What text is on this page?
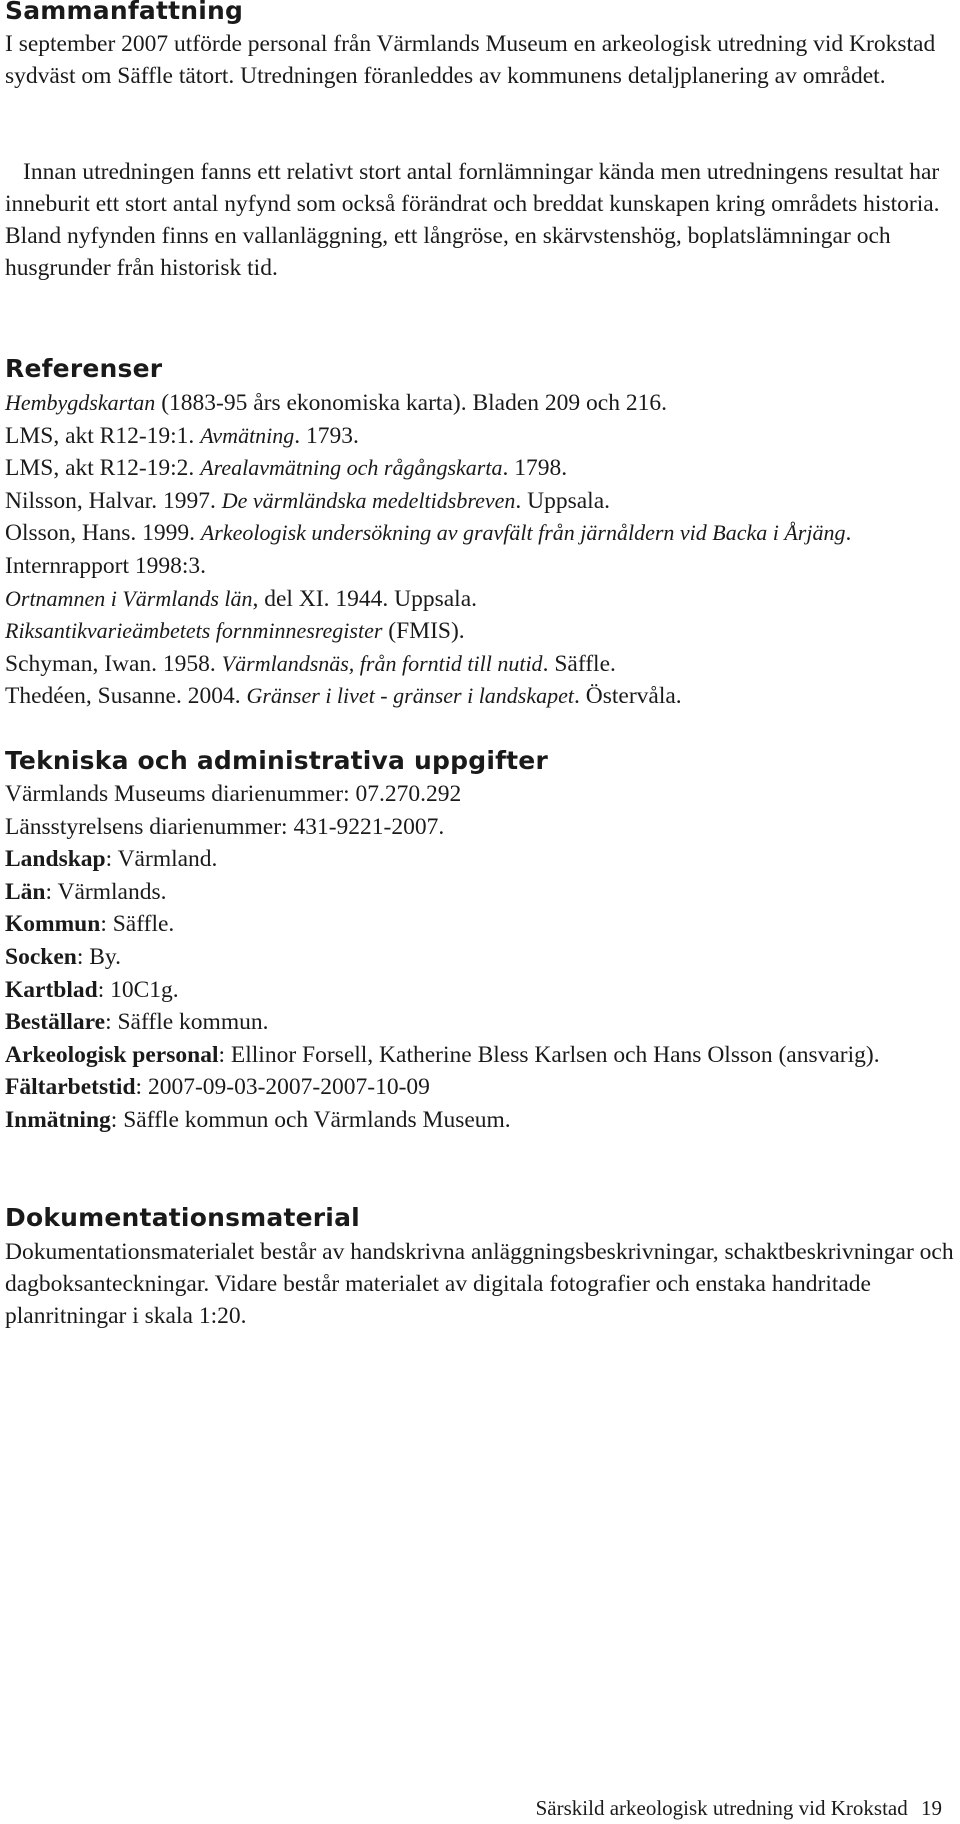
Sammanfattning

I september 2007 utförde personal från Värmlands Museum en arkeologisk utredning vid Krokstad sydväst om Säffle tätort. Utredningen föranleddes av kommunens detaljplanering av området.

Innan utredningen fanns ett relativt stort antal fornlämningar kända men utredningens resultat har inneburit ett stort antal nyfynd som också förändrat och breddat kunskapen kring områdets historia. Bland nyfynden finns en vallanläggning, ett långröse, en skärvstenshög, boplatslämningar och husgrunder från historisk tid.

Referenser

Hembygdskartan (1883-95 års ekonomiska karta). Bladen 209 och 216.

LMS, akt R12-19:1. Avmätning. 1793.

LMS, akt R12-19:2. Arealavmätning och rågångskarta. 1798.

Nilsson, Halvar. 1997. De värmländska medeltidsbreven. Uppsala.

Olsson, Hans. 1999. Arkeologisk undersökning av gravfält från järnåldern vid Backa i Årjäng.

Internrapport 1998:3.

Ortnamnen i Värmlands län, del XI. 1944. Uppsala.

Riksantikvarieämbetets fornminnesregister (FMIS).

Schyman, Iwan. 1958. Värmlandsnäs, från forntid till nutid. Säffle.

Thedéen, Susanne. 2004. Gränser i livet - gränser i landskapet. Östervåla.

Tekniska och administrativa uppgifter

Värmlands Museums diarienummer: 07.270.292

Länsstyrelsens diarienummer: 431-9221-2007.

Landskap: Värmland.

Län: Värmlands.

Kommun: Säffle.

Socken: By.

Kartblad: 10C1g.

Beställare: Säffle kommun.

Arkeologisk personal: Ellinor Forsell, Katherine Bless Karlsen och Hans Olsson (ansvarig).

Fältarbetstid: 2007-09-03-2007-2007-10-09

Inmätning: Säffle kommun och Värmlands Museum.

Dokumentationsmaterial

Dokumentationsmaterialet består av handskrivna anläggningsbeskrivningar, schaktbeskrivningar och dagboksanteckningar. Vidare består materialet av digitala fotografier och enstaka handritade planritningar i skala 1:20.

Särskild arkeologisk utredning vid Krokstad 19
